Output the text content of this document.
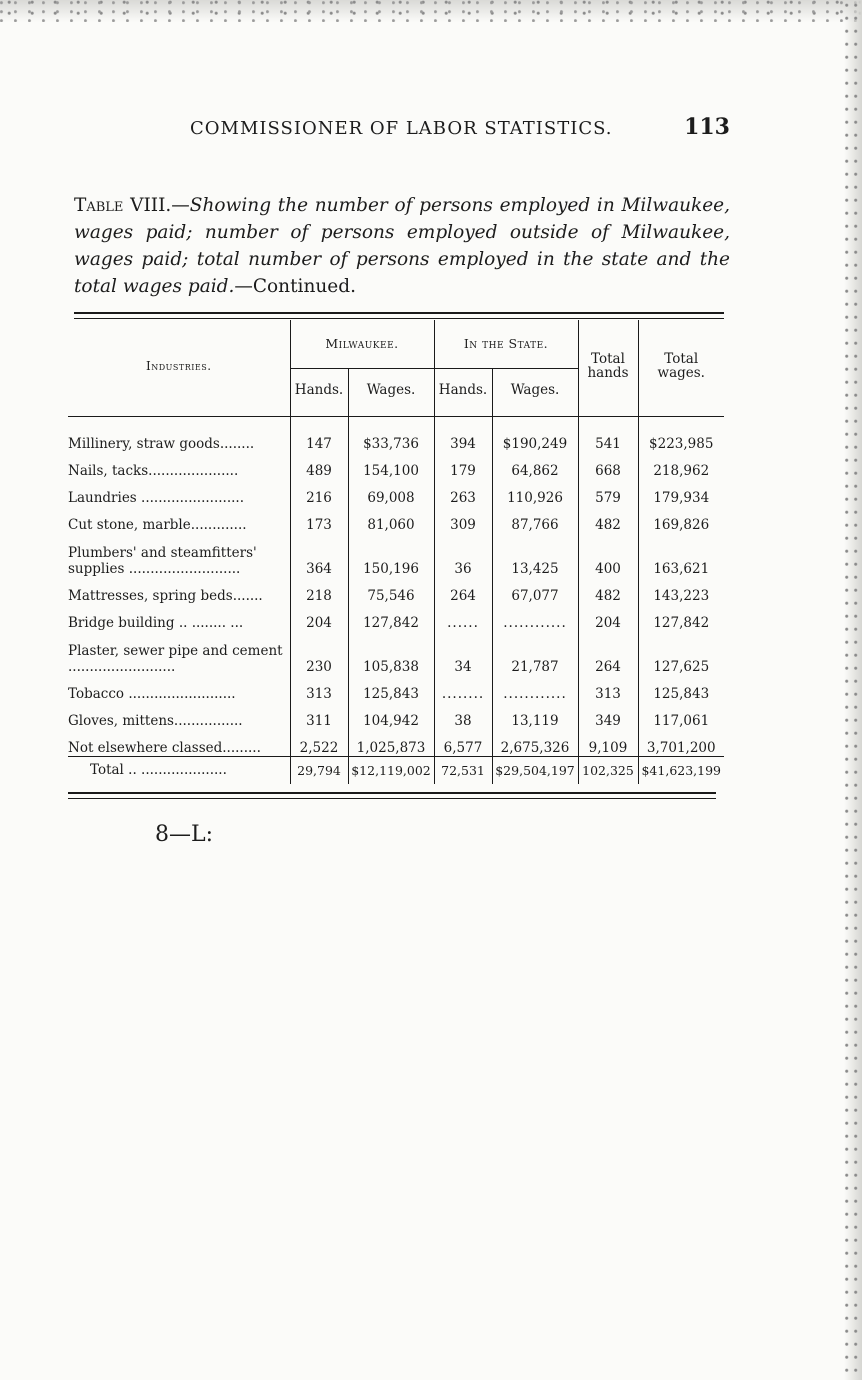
COMMISSIONER OF LABOR STATISTICS.	113
Table VIII.—Showing the number of persons employed in Milwaukee, wages paid; number of persons employed outside of Milwaukee, wages paid; total number of persons employed in the state and the total wages paid.—Continued.
Industries.	Milwaukee.		In the State.		Total hands	Total wages.
	Hands.	Wages.	Hands.	Wages.		

Millinery, straw goods........	147	$33,736	394	$190,249	541	$223,985
Nails, tacks.....................	489	154,100	179	64,862	668	218,962
Laundries ........................	216	69,008	263	110,926	579	179,934
Cut stone, marble.............	173	81,060	309	87,766	482	169,826
Plumbers' and steamfitters' supplies ..........................	364	150,196	36	13,425	400	163,621
Mattresses, spring beds.......	218	75,546	264	67,077	482	143,223
Bridge building .. ........ ...	204	127,842	......	............	204	127,842
Plaster, sewer pipe and cement .........................	230	105,838	34	21,787	264	127,625
Tobacco .........................	313	125,843	........	............	313	125,843
Gloves, mittens................	311	104,942	38	13,119	349	117,061
Not elsewhere classed.........	2,522	1,025,873	6,577	2,675,326	9,109	3,701,200
Total .. ....................	29,794	$12,119,002	72,531	$29,504,197	102,325	$41,623,199
8—L:
